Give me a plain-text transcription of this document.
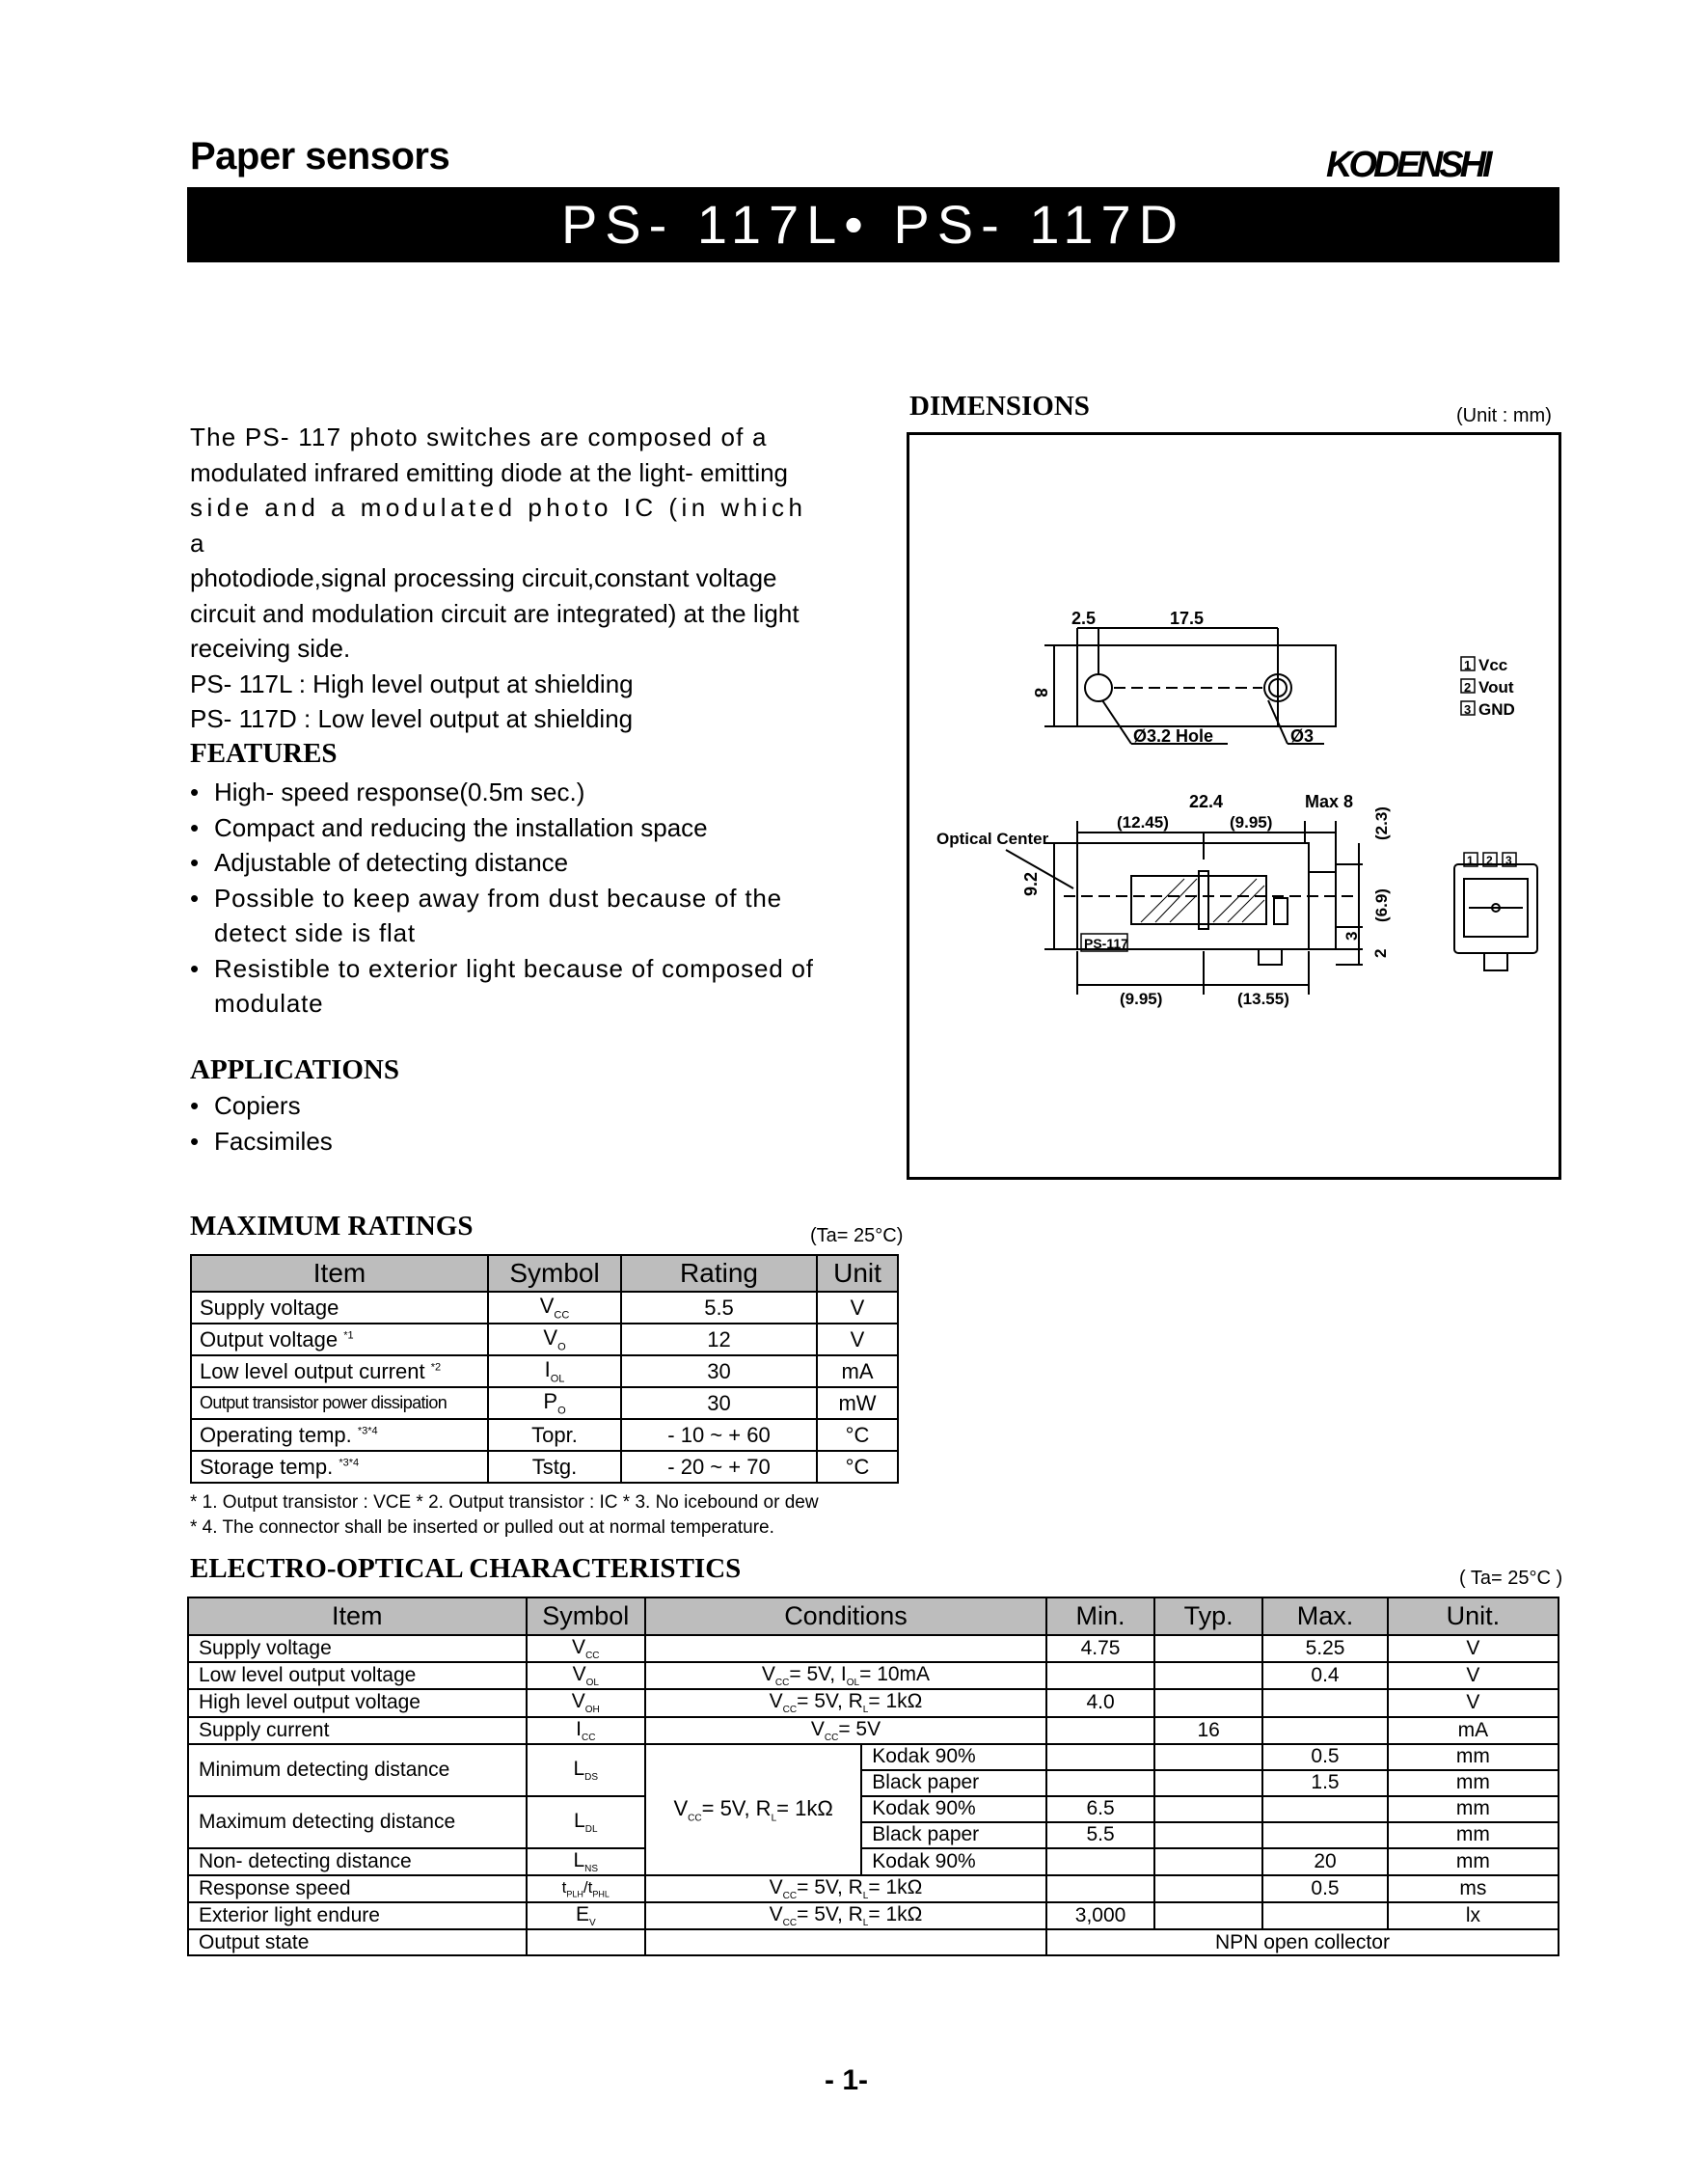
Paper sensors	KODENSHI
PS- 117L• PS- 117D

The PS- 117 photo switches are composed of a
modulated infrared emitting diode at the light- emitting
side and a modulated photo IC (in which a
photodiode,signal processing circuit,constant voltage
circuit and modulation circuit are integrated) at the light
receiving side.
PS- 117L : High level output at shielding
PS- 117D : Low level output at shielding

FEATURES
• High- speed response(0.5m sec.)
• Compact and reducing the installation space
• Adjustable of detecting distance
• Possible to keep away from dust because of the detect side is flat
• Resistible to exterior light because of composed of modulate
APPLICATIONS
• Copiers
• Facsimiles
DIMENSIONS	(Unit : mm)
2.5	17.5
8
Ø3.2 Hole	Ø3
1 Vcc
2 Vout
3 GND
22.4	Max 8
(12.45)	(9.95)
Optical Center
9.2
(2.3)
(6.9)
3
2
PS-117
(9.95)	(13.55)
1 2 3
MAXIMUM RATINGS	(Ta= 25°C)
Item	Symbol	Rating	Unit
Supply voltage	$V_{CC}$	5.5	V
Output voltage $^{*1}$	$V_O$	12	V
Low level output current $^{*2}$	$I_{OL}$	30	mA
Output transistor power dissipation	$P_O$	30	mW
Operating temp. $^{*3*4}$	Topr.	- 10 ~ + 60	°C
Storage temp. $^{*3*4}$	Tstg.	- 20 ~ + 70	°C
* 1. Output transistor : VCE * 2. Output transistor : IC * 3. No icebound or dew
* 4. The connector shall be inserted or pulled out at normal temperature.
ELECTRO-OPTICAL CHARACTERISTICS	( Ta= 25°C )
Item	Symbol	Conditions		Min.	Typ.	Max.	Unit.
Supply voltage	$V_{CC}$			4.75		5.25	V
Low level output voltage	$V_{OL}$	$V_{CC}= 5V$, $I_{OL}= 10mA$				0.4	V
High level output voltage	$V_{OH}$	$V_{CC}= 5V$, $R_L= 1k\Omega$		4.0			V
Supply current	$I_{CC}$	$V_{CC}= 5V$			16		mA
Minimum detecting distance	$L_{DS}$	$V_{CC}= 5V$, $R_L= 1k\Omega$	Kodak 90%			0.5	mm
			Black paper			1.5	mm
Maximum detecting distance	$L_{DL}$		Kodak 90%	6.5			mm
			Black paper	5.5			mm
Non- detecting distance	$L_{NS}$		Kodak 90%			20	mm
Response speed	$t_{PLH}/t_{PHL}$	$V_{CC}= 5V$, $R_L= 1k\Omega$				0.5	ms
Exterior light endure	$E_V$	$V_{CC}= 5V$, $R_L= 1k\Omega$		3,000			lx
Output state				NPN open collector			
- 1-
